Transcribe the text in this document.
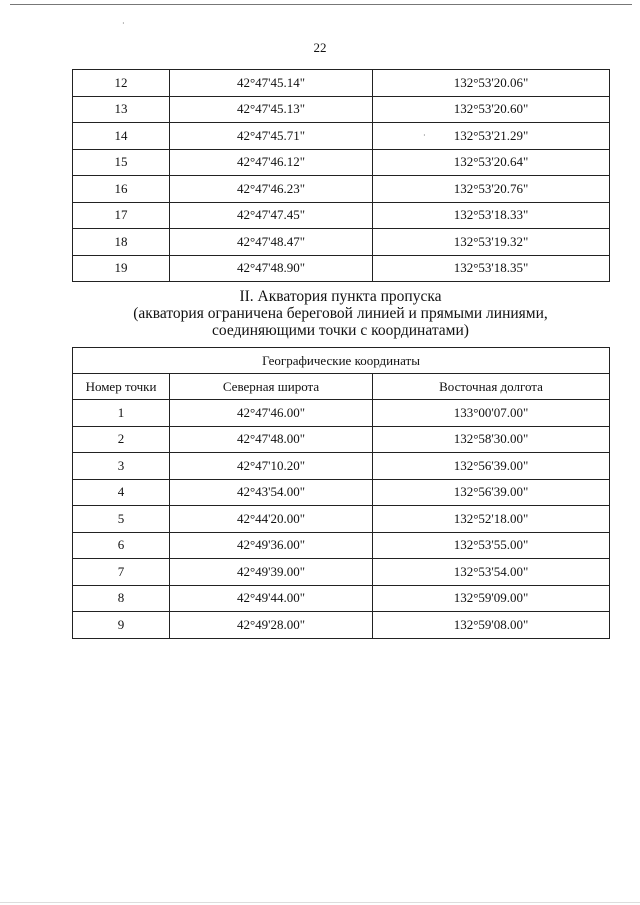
·
·
22
12	42°47'45.14"	132°53'20.06"
13	42°47'45.13"	132°53'20.60"
14	42°47'45.71"	132°53'21.29"
15	42°47'46.12"	132°53'20.64"
16	42°47'46.23"	132°53'20.76"
17	42°47'47.45"	132°53'18.33"
18	42°47'48.47"	132°53'19.32"
19	42°47'48.90"	132°53'18.35"
II. Акватория пункта пропуска
(акватория ограничена береговой линией и прямыми линиями,
соединяющими точки с координатами)
Географические координаты		
Номер точки	Северная широта	Восточная долгота
1	42°47'46.00"	133°00'07.00"
2	42°47'48.00"	132°58'30.00"
3	42°47'10.20"	132°56'39.00"
4	42°43'54.00"	132°56'39.00"
5	42°44'20.00"	132°52'18.00"
6	42°49'36.00"	132°53'55.00"
7	42°49'39.00"	132°53'54.00"
8	42°49'44.00"	132°59'09.00"
9	42°49'28.00"	132°59'08.00"
